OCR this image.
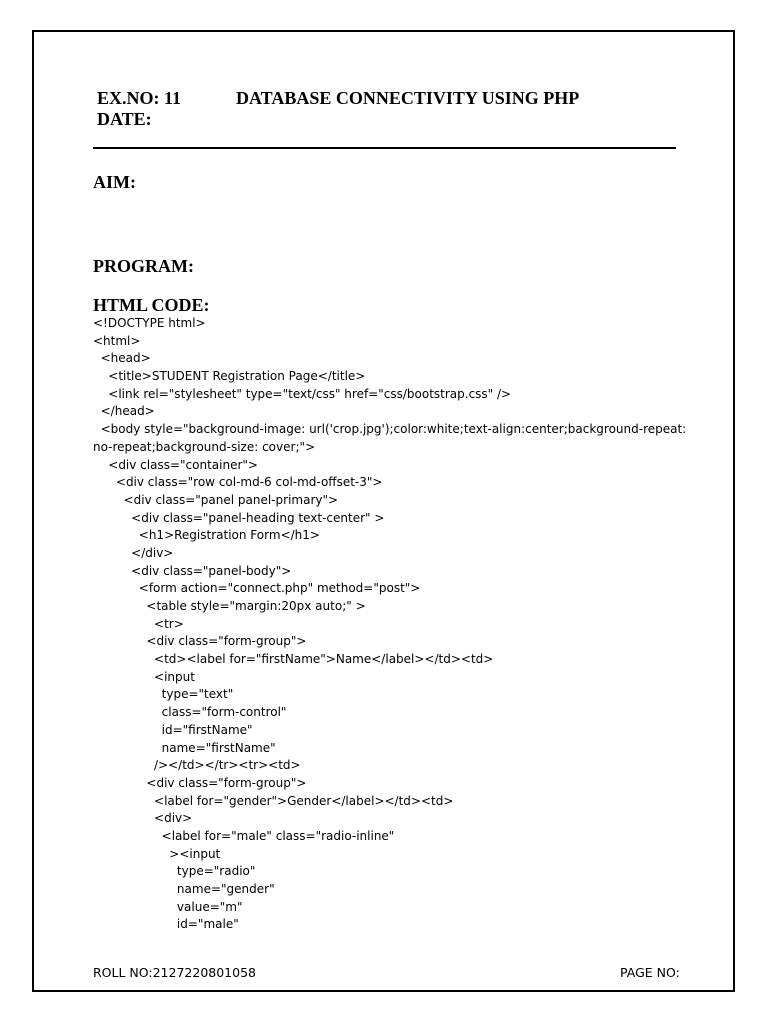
EX.NO: 11	DATABASE CONNECTIVITY USING PHP
DATE:
AIM:
PROGRAM:
HTML CODE:
<!DOCTYPE html>
<html>
<head>
<title>STUDENT Registration Page</title>
<link rel="stylesheet" type="text/css" href="css/bootstrap.css" />
</head>
<body style="background-image: url('crop.jpg');color:white;text-align:center;background-repeat:
no-repeat;background-size: cover;">
<div class="container">
<div class="row col-md-6 col-md-offset-3">
<div class="panel panel-primary">
<div class="panel-heading text-center" >
<h1>Registration Form</h1>
</div>
<div class="panel-body">
<form action="connect.php" method="post">
<table style="margin:20px auto;" >
<tr>
<div class="form-group">
<td><label for="firstName">Name</label></td><td>
<input
type="text"
class="form-control"
id="firstName"
name="firstName"
/></td></tr><tr><td>
<div class="form-group">
<label for="gender">Gender</label></td><td>
<div>
<label for="male" class="radio-inline"
><input
type="radio"
name="gender"
value="m"
id="male"
ROLL NO:2127220801058	PAGE NO:
